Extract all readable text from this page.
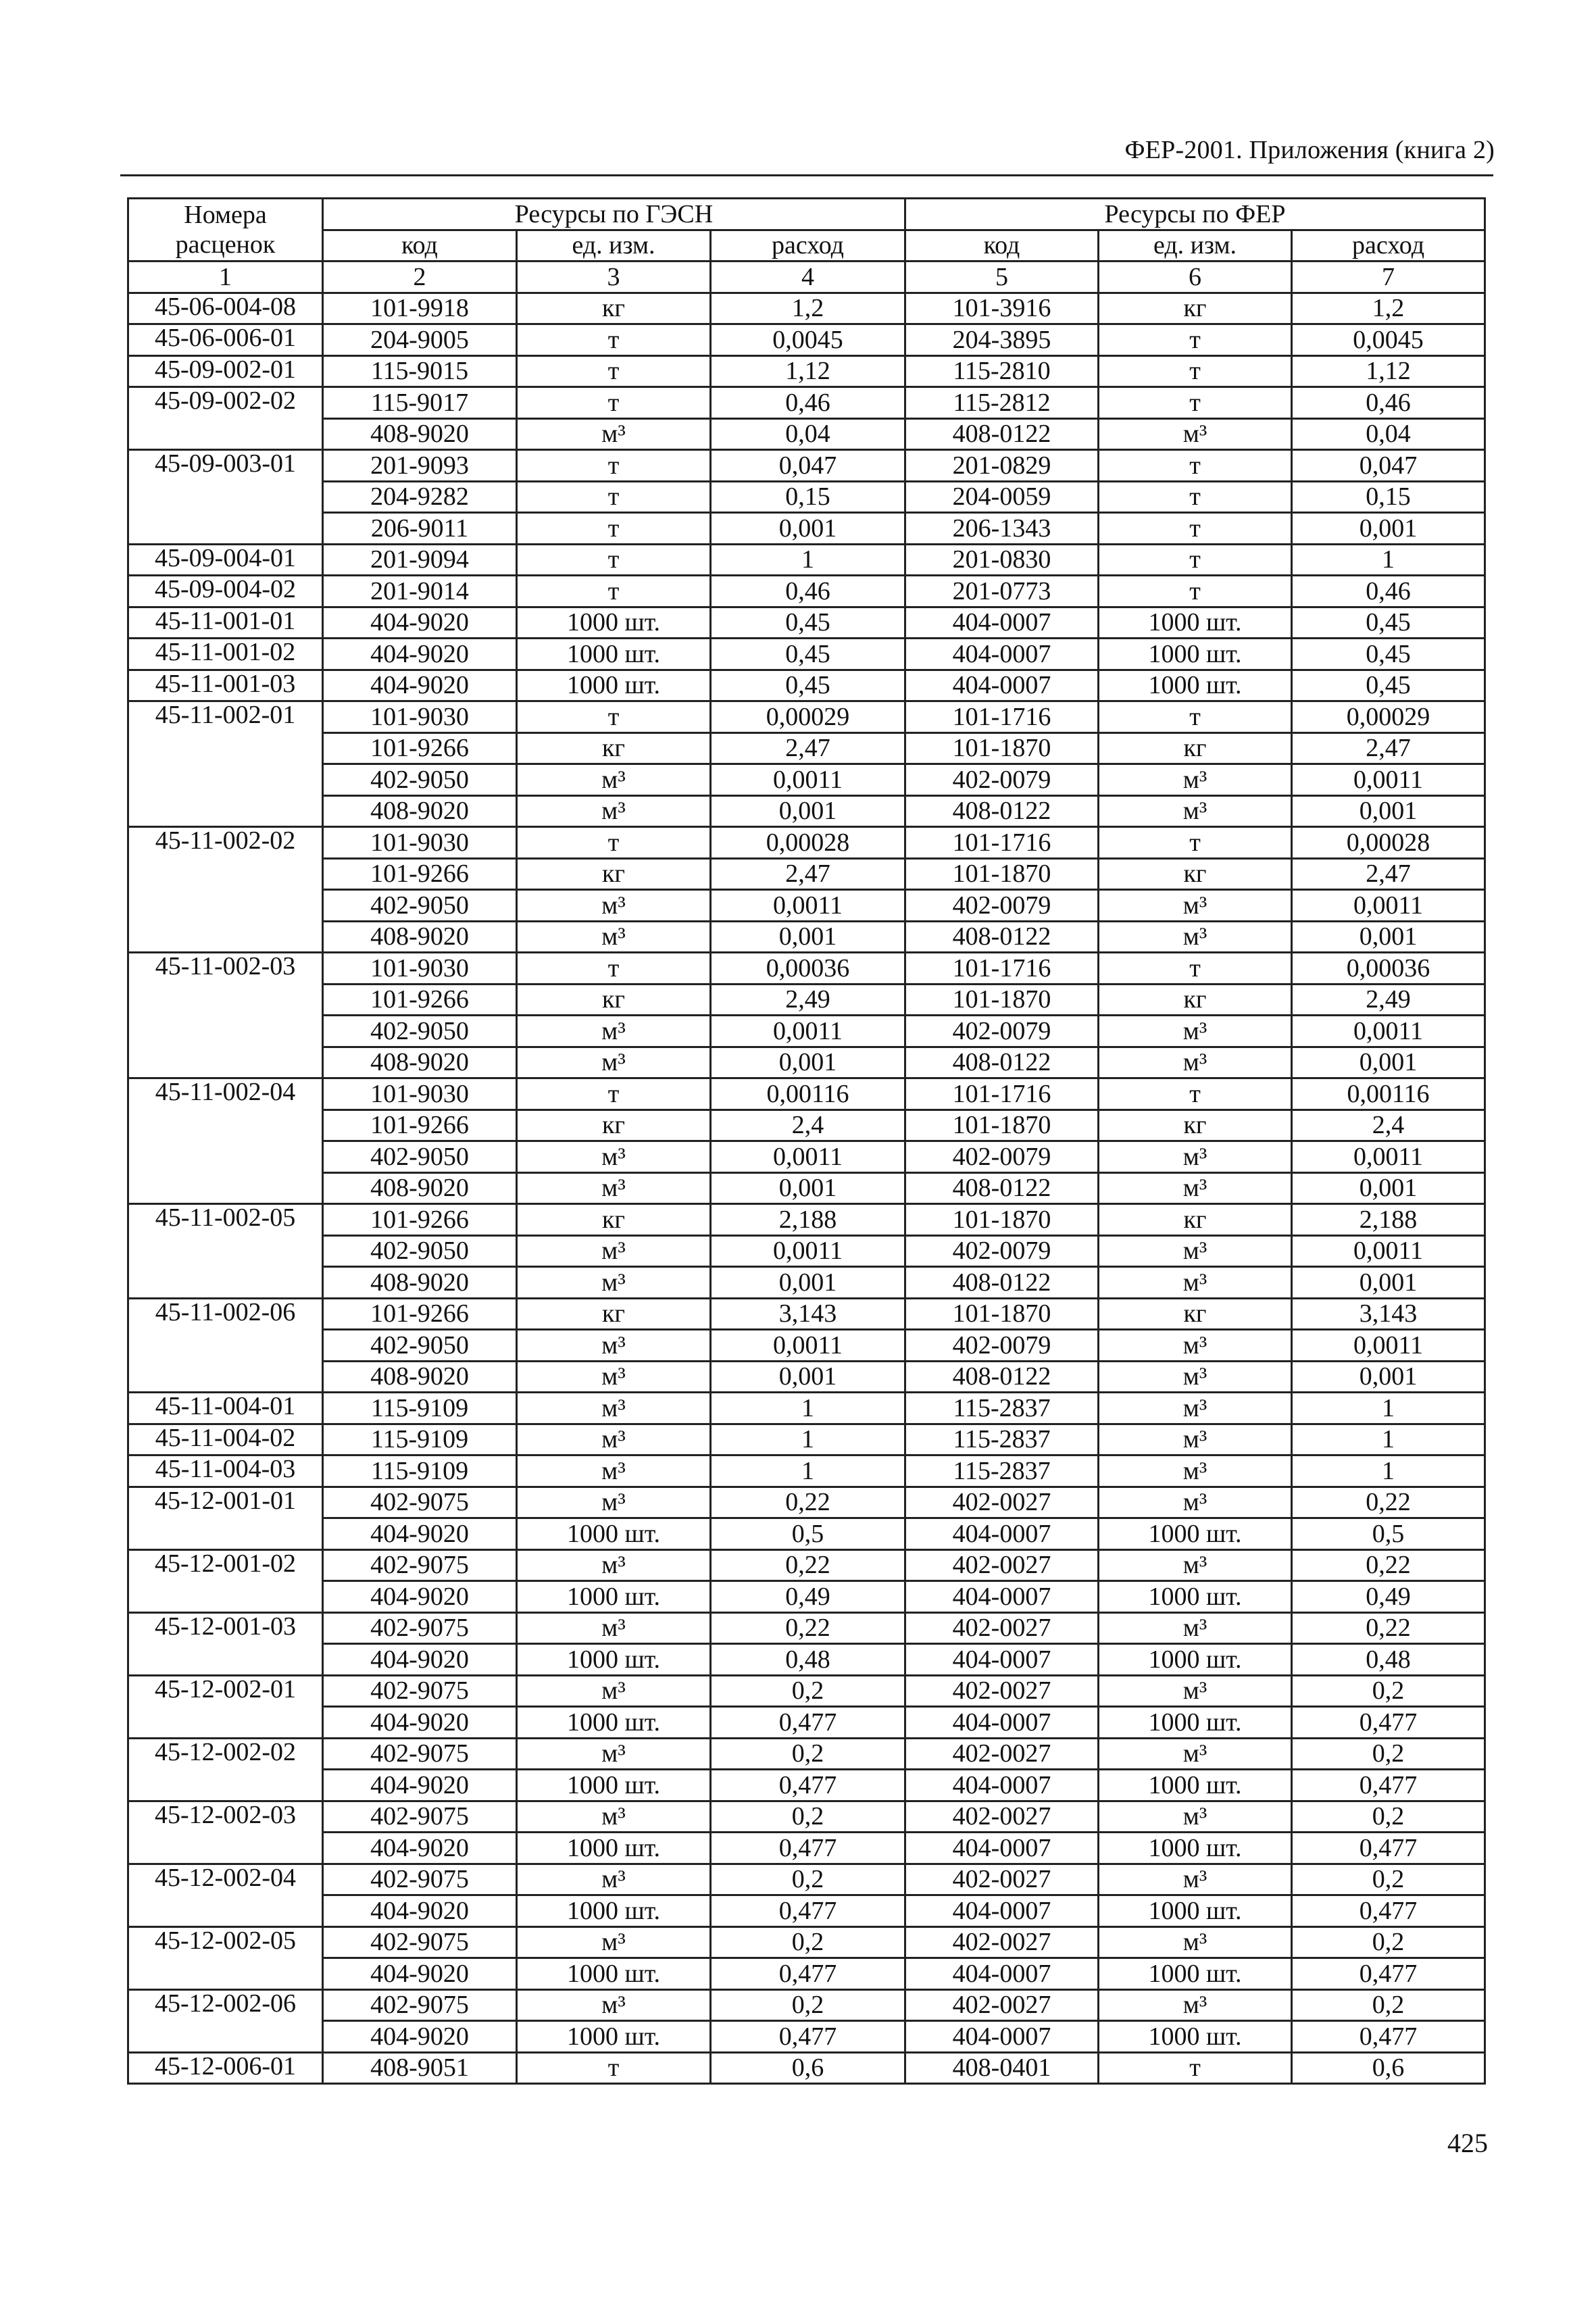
ФЕР-2001. Приложения (книга 2)
Номера расценок	Ресурсы по ГЭСН			Ресурсы по ФЕР		
	код	ед. изм.	расход	код	ед. изм.	расход
1	2	3	4	5	6	7
45-06-004-08	101-9918	кг	1,2	101-3916	кг	1,2
45-06-006-01	204-9005	т	0,0045	204-3895	т	0,0045
45-09-002-01	115-9015	т	1,12	115-2810	т	1,12
45-09-002-02	115-9017	т	0,46	115-2812	т	0,46
	408-9020	м³	0,04	408-0122	м³	0,04
45-09-003-01	201-9093	т	0,047	201-0829	т	0,047
	204-9282	т	0,15	204-0059	т	0,15
	206-9011	т	0,001	206-1343	т	0,001
45-09-004-01	201-9094	т	1	201-0830	т	1
45-09-004-02	201-9014	т	0,46	201-0773	т	0,46
45-11-001-01	404-9020	1000 шт.	0,45	404-0007	1000 шт.	0,45
45-11-001-02	404-9020	1000 шт.	0,45	404-0007	1000 шт.	0,45
45-11-001-03	404-9020	1000 шт.	0,45	404-0007	1000 шт.	0,45
45-11-002-01	101-9030	т	0,00029	101-1716	т	0,00029
	101-9266	кг	2,47	101-1870	кг	2,47
	402-9050	м³	0,0011	402-0079	м³	0,0011
	408-9020	м³	0,001	408-0122	м³	0,001
45-11-002-02	101-9030	т	0,00028	101-1716	т	0,00028
	101-9266	кг	2,47	101-1870	кг	2,47
	402-9050	м³	0,0011	402-0079	м³	0,0011
	408-9020	м³	0,001	408-0122	м³	0,001
45-11-002-03	101-9030	т	0,00036	101-1716	т	0,00036
	101-9266	кг	2,49	101-1870	кг	2,49
	402-9050	м³	0,0011	402-0079	м³	0,0011
	408-9020	м³	0,001	408-0122	м³	0,001
45-11-002-04	101-9030	т	0,00116	101-1716	т	0,00116
	101-9266	кг	2,4	101-1870	кг	2,4
	402-9050	м³	0,0011	402-0079	м³	0,0011
	408-9020	м³	0,001	408-0122	м³	0,001
45-11-002-05	101-9266	кг	2,188	101-1870	кг	2,188
	402-9050	м³	0,0011	402-0079	м³	0,0011
	408-9020	м³	0,001	408-0122	м³	0,001
45-11-002-06	101-9266	кг	3,143	101-1870	кг	3,143
	402-9050	м³	0,0011	402-0079	м³	0,0011
	408-9020	м³	0,001	408-0122	м³	0,001
45-11-004-01	115-9109	м³	1	115-2837	м³	1
45-11-004-02	115-9109	м³	1	115-2837	м³	1
45-11-004-03	115-9109	м³	1	115-2837	м³	1
45-12-001-01	402-9075	м³	0,22	402-0027	м³	0,22
	404-9020	1000 шт.	0,5	404-0007	1000 шт.	0,5
45-12-001-02	402-9075	м³	0,22	402-0027	м³	0,22
	404-9020	1000 шт.	0,49	404-0007	1000 шт.	0,49
45-12-001-03	402-9075	м³	0,22	402-0027	м³	0,22
	404-9020	1000 шт.	0,48	404-0007	1000 шт.	0,48
45-12-002-01	402-9075	м³	0,2	402-0027	м³	0,2
	404-9020	1000 шт.	0,477	404-0007	1000 шт.	0,477
45-12-002-02	402-9075	м³	0,2	402-0027	м³	0,2
	404-9020	1000 шт.	0,477	404-0007	1000 шт.	0,477
45-12-002-03	402-9075	м³	0,2	402-0027	м³	0,2
	404-9020	1000 шт.	0,477	404-0007	1000 шт.	0,477
45-12-002-04	402-9075	м³	0,2	402-0027	м³	0,2
	404-9020	1000 шт.	0,477	404-0007	1000 шт.	0,477
45-12-002-05	402-9075	м³	0,2	402-0027	м³	0,2
	404-9020	1000 шт.	0,477	404-0007	1000 шт.	0,477
45-12-002-06	402-9075	м³	0,2	402-0027	м³	0,2
	404-9020	1000 шт.	0,477	404-0007	1000 шт.	0,477
45-12-006-01	408-9051	т	0,6	408-0401	т	0,6
425
